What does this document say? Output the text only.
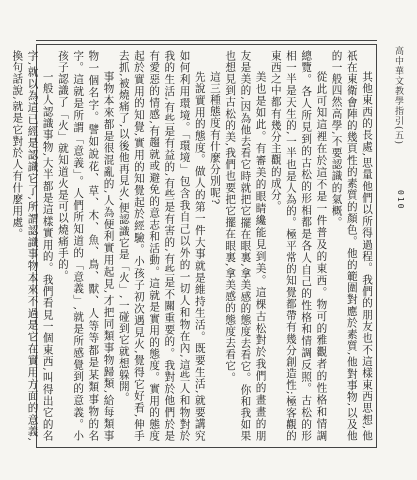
高中華文教學指引(五)
010

其他東西的長處,思量他們以所得過程。我們的朋友也不這樣東西思想,他祇在東衛會陣的幾頁性的素質的顏色。他的範圍對應於素質,他對事物,以及他的一般四然高學,不要認識的氣概。

從此可知這裡在於這不是一件普及的東西。物可的雅觀者的性格和情調總覽。各人所見到的古松的形相都是各人自己的性格和情調反照。古松的形相一半是天生的,一半也是人為的。極平常的知覺都帶有幾分創造性;極客觀的東西之中都有幾分主觀的成分。

美也是如此。有審美的眼睛纔能見到美。這棵古松對於我們的畫畫的朋友是美的,因為他去看它時就把它擺在眼裏,拿美感的態度去看它。你和我如果也想見到古松的美,我們也要把它擺在眼裏,拿美感的態度去看它。

這三種態度有什麼分別呢?

先說實用的態度。做人的第一件大事就是維持生活。既要生活,就要講究如何利用環境。「環境」包含我自己以外的一切人和物在內,這些人和物對於我的生活,有些是有益的,有些是有害的,有些是不關重要的。我對於他們於是有愛惡的情感,有趨就或避免的意志和活動。這就是實用的態度。實用的態度起於實用的知覺,實用的知覺起於經驗。小孩子初次遇見火,覺得它好看,伸手去抓,被燒痛了,以後他再見火,便認識它是「火」,一碰到它就想躲開。

事物本來都是很混亂的,人為便利實用起見,才把同類事物歸類,給每類事物一個名字。譬如說花、草、木、魚、鳥、獸、人等等都是某類事物的名字。這就是所謂「意義」。人們所知道的「意義」,就是所感覺到的意義。小孩子認識了「火」就知道火是可以燒痛手的。

一般人認識事物,大半都是這樣實用的。我們看見一個東西,叫得出它的名字,就以為這已經是認識它了,所謂認識事物本來不過是它在實用方面的意義,換句話說,就是它對於人有什麼用處。
